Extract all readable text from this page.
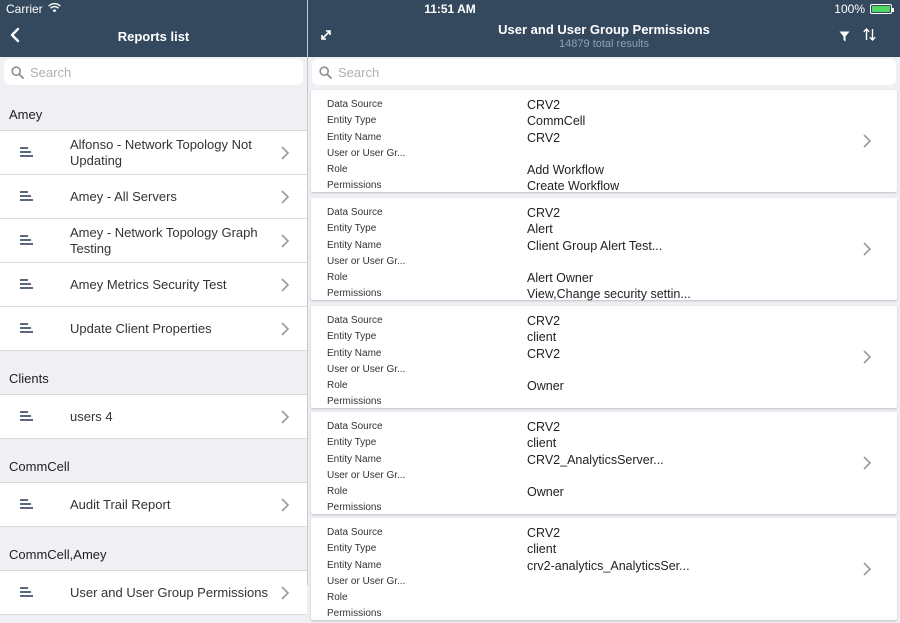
Carrier	11:51 AM	100%
Reports list
Search
Amey
Alfonso - Network Topology Not Updating
Amey - All Servers
Amey - Network Topology Graph Testing
Amey Metrics Security Test
Update Client Properties
Clients
users 4
CommCell
Audit Trail Report
CommCell,Amey
User and User Group Permissions
User and User Group Permissions
14879 total results
Search
Data Source
Entity Type
Entity Name
User or User Gr...
Role
Permissions
CRV2
CommCell
CRV2

Add Workflow
Create Workflow
Data Source
Entity Type
Entity Name
User or User Gr...
Role
Permissions
CRV2
Alert
Client Group Alert Test...

Alert Owner
View,Change security settin...
Data Source
Entity Type
Entity Name
User or User Gr...
Role
Permissions
CRV2
client
CRV2

Owner

Data Source
Entity Type
Entity Name
User or User Gr...
Role
Permissions
CRV2
client
CRV2_AnalyticsServer...

Owner

Data Source
Entity Type
Entity Name
User or User Gr...
Role
Permissions
CRV2
client
crv2-analytics_AnalyticsSer...
